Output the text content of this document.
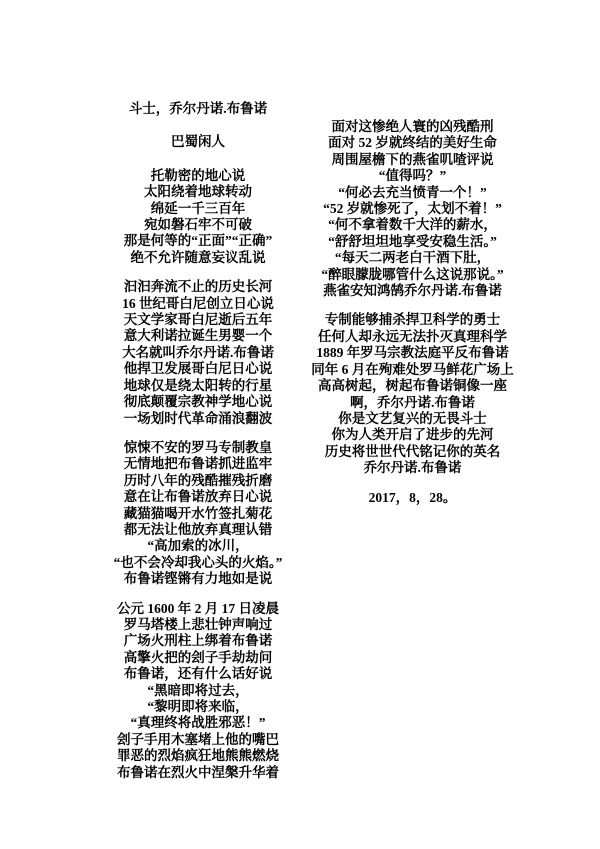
斗士，乔尔丹诺.布鲁诺
巴蜀闲人
托勒密的地心说
太阳绕着地球转动
绵延一千三百年
宛如磐石牢不可破
那是何等的“正面”“正确”
绝不允许随意妄议乱说
汩汩奔流不止的历史长河
16 世纪哥白尼创立日心说
天文学家哥白尼逝后五年
意大利诺拉诞生男婴一个
大名就叫乔尔丹诺.布鲁诺
他捍卫发展哥白尼日心说
地球仅是绕太阳转的行星
彻底颠覆宗教神学地心说
一场划时代革命涌浪翻波
惊悚不安的罗马专制教皇
无情地把布鲁诺抓进监牢
历时八年的残酷摧残折磨
意在让布鲁诺放弃日心说
藏猫猫喝开水竹签扎菊花
都无法让他放弃真理认错
“高加索的冰川，
“也不会冷却我心头的火焰。”
布鲁诺铿锵有力地如是说
公元 1600 年 2 月 17 日凌晨
罗马塔楼上悲壮钟声响过
广场火刑柱上绑着布鲁诺
高擎火把的刽子手劫劫问
布鲁诺，还有什么话好说
“黑暗即将过去，
“黎明即将来临，
“真理终将战胜邪恶！”
刽子手用木塞堵上他的嘴巴
罪恶的烈焰疯狂地熊熊燃烧
布鲁诺在烈火中涅槃升华着
面对这惨绝人寰的凶残酷刑
面对 52 岁就终结的美好生命
周围屋檐下的燕雀叽喳评说
“值得吗？”
“何必去充当愤青一个！”
“52 岁就惨死了，太划不着！”
“何不拿着数千大洋的薪水，
“舒舒坦坦地享受安稳生活。”
“每天二两老白干酒下肚，
“醉眼朦胧哪管什么这说那说。”
燕雀安知鸿鹄乔尔丹诺.布鲁诺
专制能够捕杀捍卫科学的勇士
任何人却永远无法扑灭真理科学
1889 年罗马宗教法庭平反布鲁诺
同年 6 月在殉难处罗马鲜花广场上
高高树起，树起布鲁诺铜像一座
啊，乔尔丹诺.布鲁诺
你是文艺复兴的无畏斗士
你为人类开启了进步的先河
历史将世世代代铭记你的英名
乔尔丹诺.布鲁诺
2017，8，28。
